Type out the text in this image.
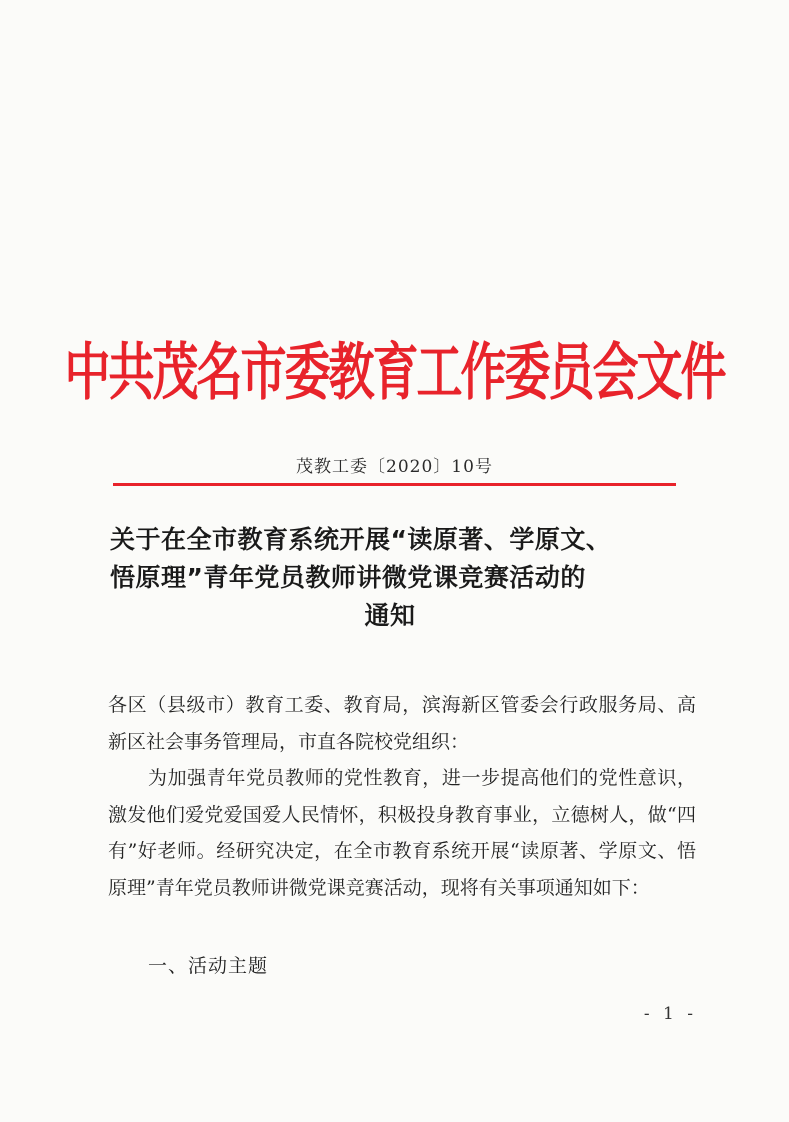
中共茂名市委教育工作委员会文件
茂教工委〔2020〕10号
关于在全市教育系统开展“读原著、学原文、
悟原理”青年党员教师讲微党课竞赛活动的

通知

各区（县级市）教育工委、教育局，滨海新区管委会行政服务局、高新区社会事务管理局，市直各院校党组织：

为加强青年党员教师的党性教育，进一步提高他们的党性意识，激发他们爱党爱国爱人民情怀，积极投身教育事业，立德树人，做“四有”好老师。经研究决定，在全市教育系统开展“读原著、学原文、悟原理”青年党员教师讲微党课竞赛活动，现将有关事项通知如下：

一、活动主题
- 1 -
